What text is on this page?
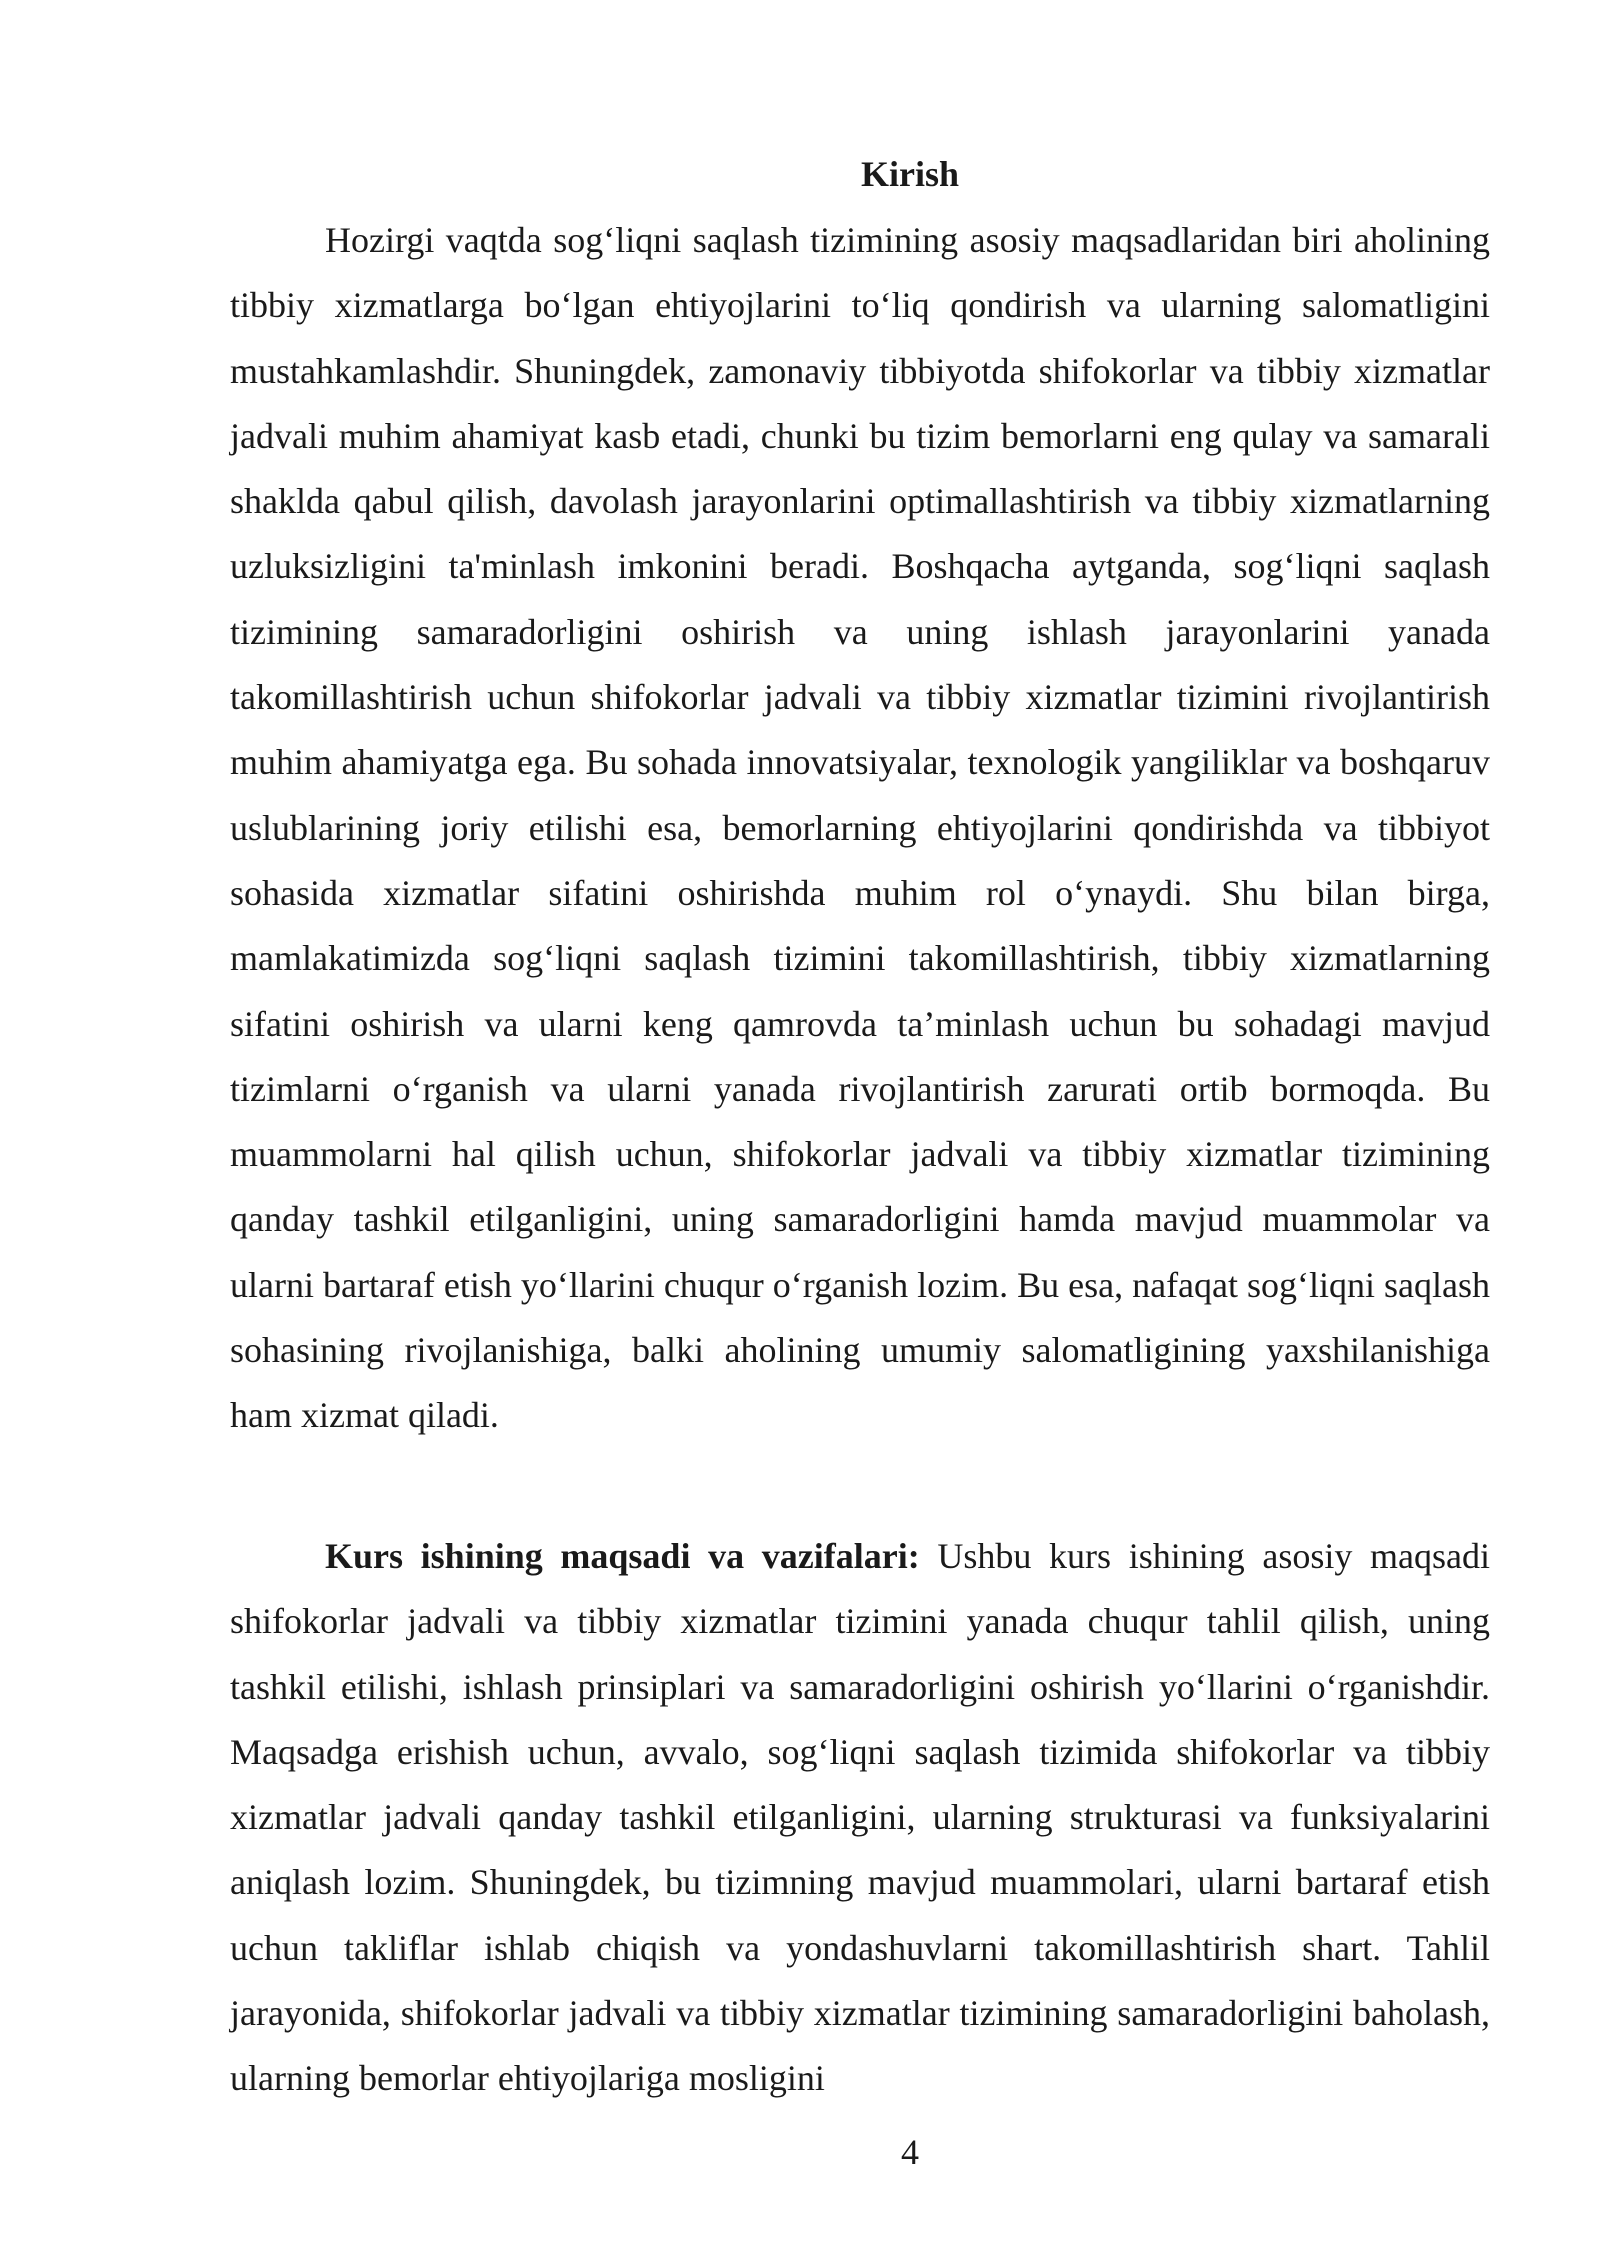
Kirish

Hozirgi vaqtda sog‘liqni saqlash tizimining asosiy maqsadlaridan biri aholining tibbiy xizmatlarga bo‘lgan ehtiyojlarini to‘liq qondirish va ularning salomatligini mustahkamlashdir. Shuningdek, zamonaviy tibbiyotda shifokorlar va tibbiy xizmatlar jadvali muhim ahamiyat kasb etadi, chunki bu tizim bemorlarni eng qulay va samarali shaklda qabul qilish, davolash jarayonlarini optimallashtirish va tibbiy xizmatlarning uzluksizligini ta'minlash imkonini beradi. Boshqacha aytganda, sog‘liqni saqlash tizimining samaradorligini oshirish va uning ishlash jarayonlarini yanada takomillashtirish uchun shifokorlar jadvali va tibbiy xizmatlar tizimini rivojlantirish muhim ahamiyatga ega. Bu sohada innovatsiyalar, texnologik yangiliklar va boshqaruv uslublarining joriy etilishi esa, bemorlarning ehtiyojlarini qondirishda va tibbiyot sohasida xizmatlar sifatini oshirishda muhim rol o‘ynaydi. Shu bilan birga, mamlakatimizda sog‘liqni saqlash tizimini takomillashtirish, tibbiy xizmatlarning sifatini oshirish va ularni keng qamrovda ta’minlash uchun bu sohadagi mavjud tizimlarni o‘rganish va ularni yanada rivojlantirish zarurati ortib bormoqda. Bu muammolarni hal qilish uchun, shifokorlar jadvali va tibbiy xizmatlar tizimining qanday tashkil etilganligini, uning samaradorligini hamda mavjud muammolar va ularni bartaraf etish yo‘llarini chuqur o‘rganish lozim. Bu esa, nafaqat sog‘liqni saqlash sohasining rivojlanishiga, balki aholining umumiy salomatligining yaxshilanishiga ham xizmat qiladi.

Kurs ishining maqsadi va vazifalari: Ushbu kurs ishining asosiy maqsadi shifokorlar jadvali va tibbiy xizmatlar tizimini yanada chuqur tahlil qilish, uning tashkil etilishi, ishlash prinsiplari va samaradorligini oshirish yo‘llarini o‘rganishdir. Maqsadga erishish uchun, avvalo, sog‘liqni saqlash tizimida shifokorlar va tibbiy xizmatlar jadvali qanday tashkil etilganligini, ularning strukturasi va funksiyalarini aniqlash lozim. Shuningdek, bu tizimning mavjud muammolari, ularni bartaraf etish uchun takliflar ishlab chiqish va yondashuvlarni takomillashtirish shart. Tahlil jarayonida, shifokorlar jadvali va tibbiy xizmatlar tizimining samaradorligini baholash, ularning bemorlar ehtiyojlariga mosligini

4
